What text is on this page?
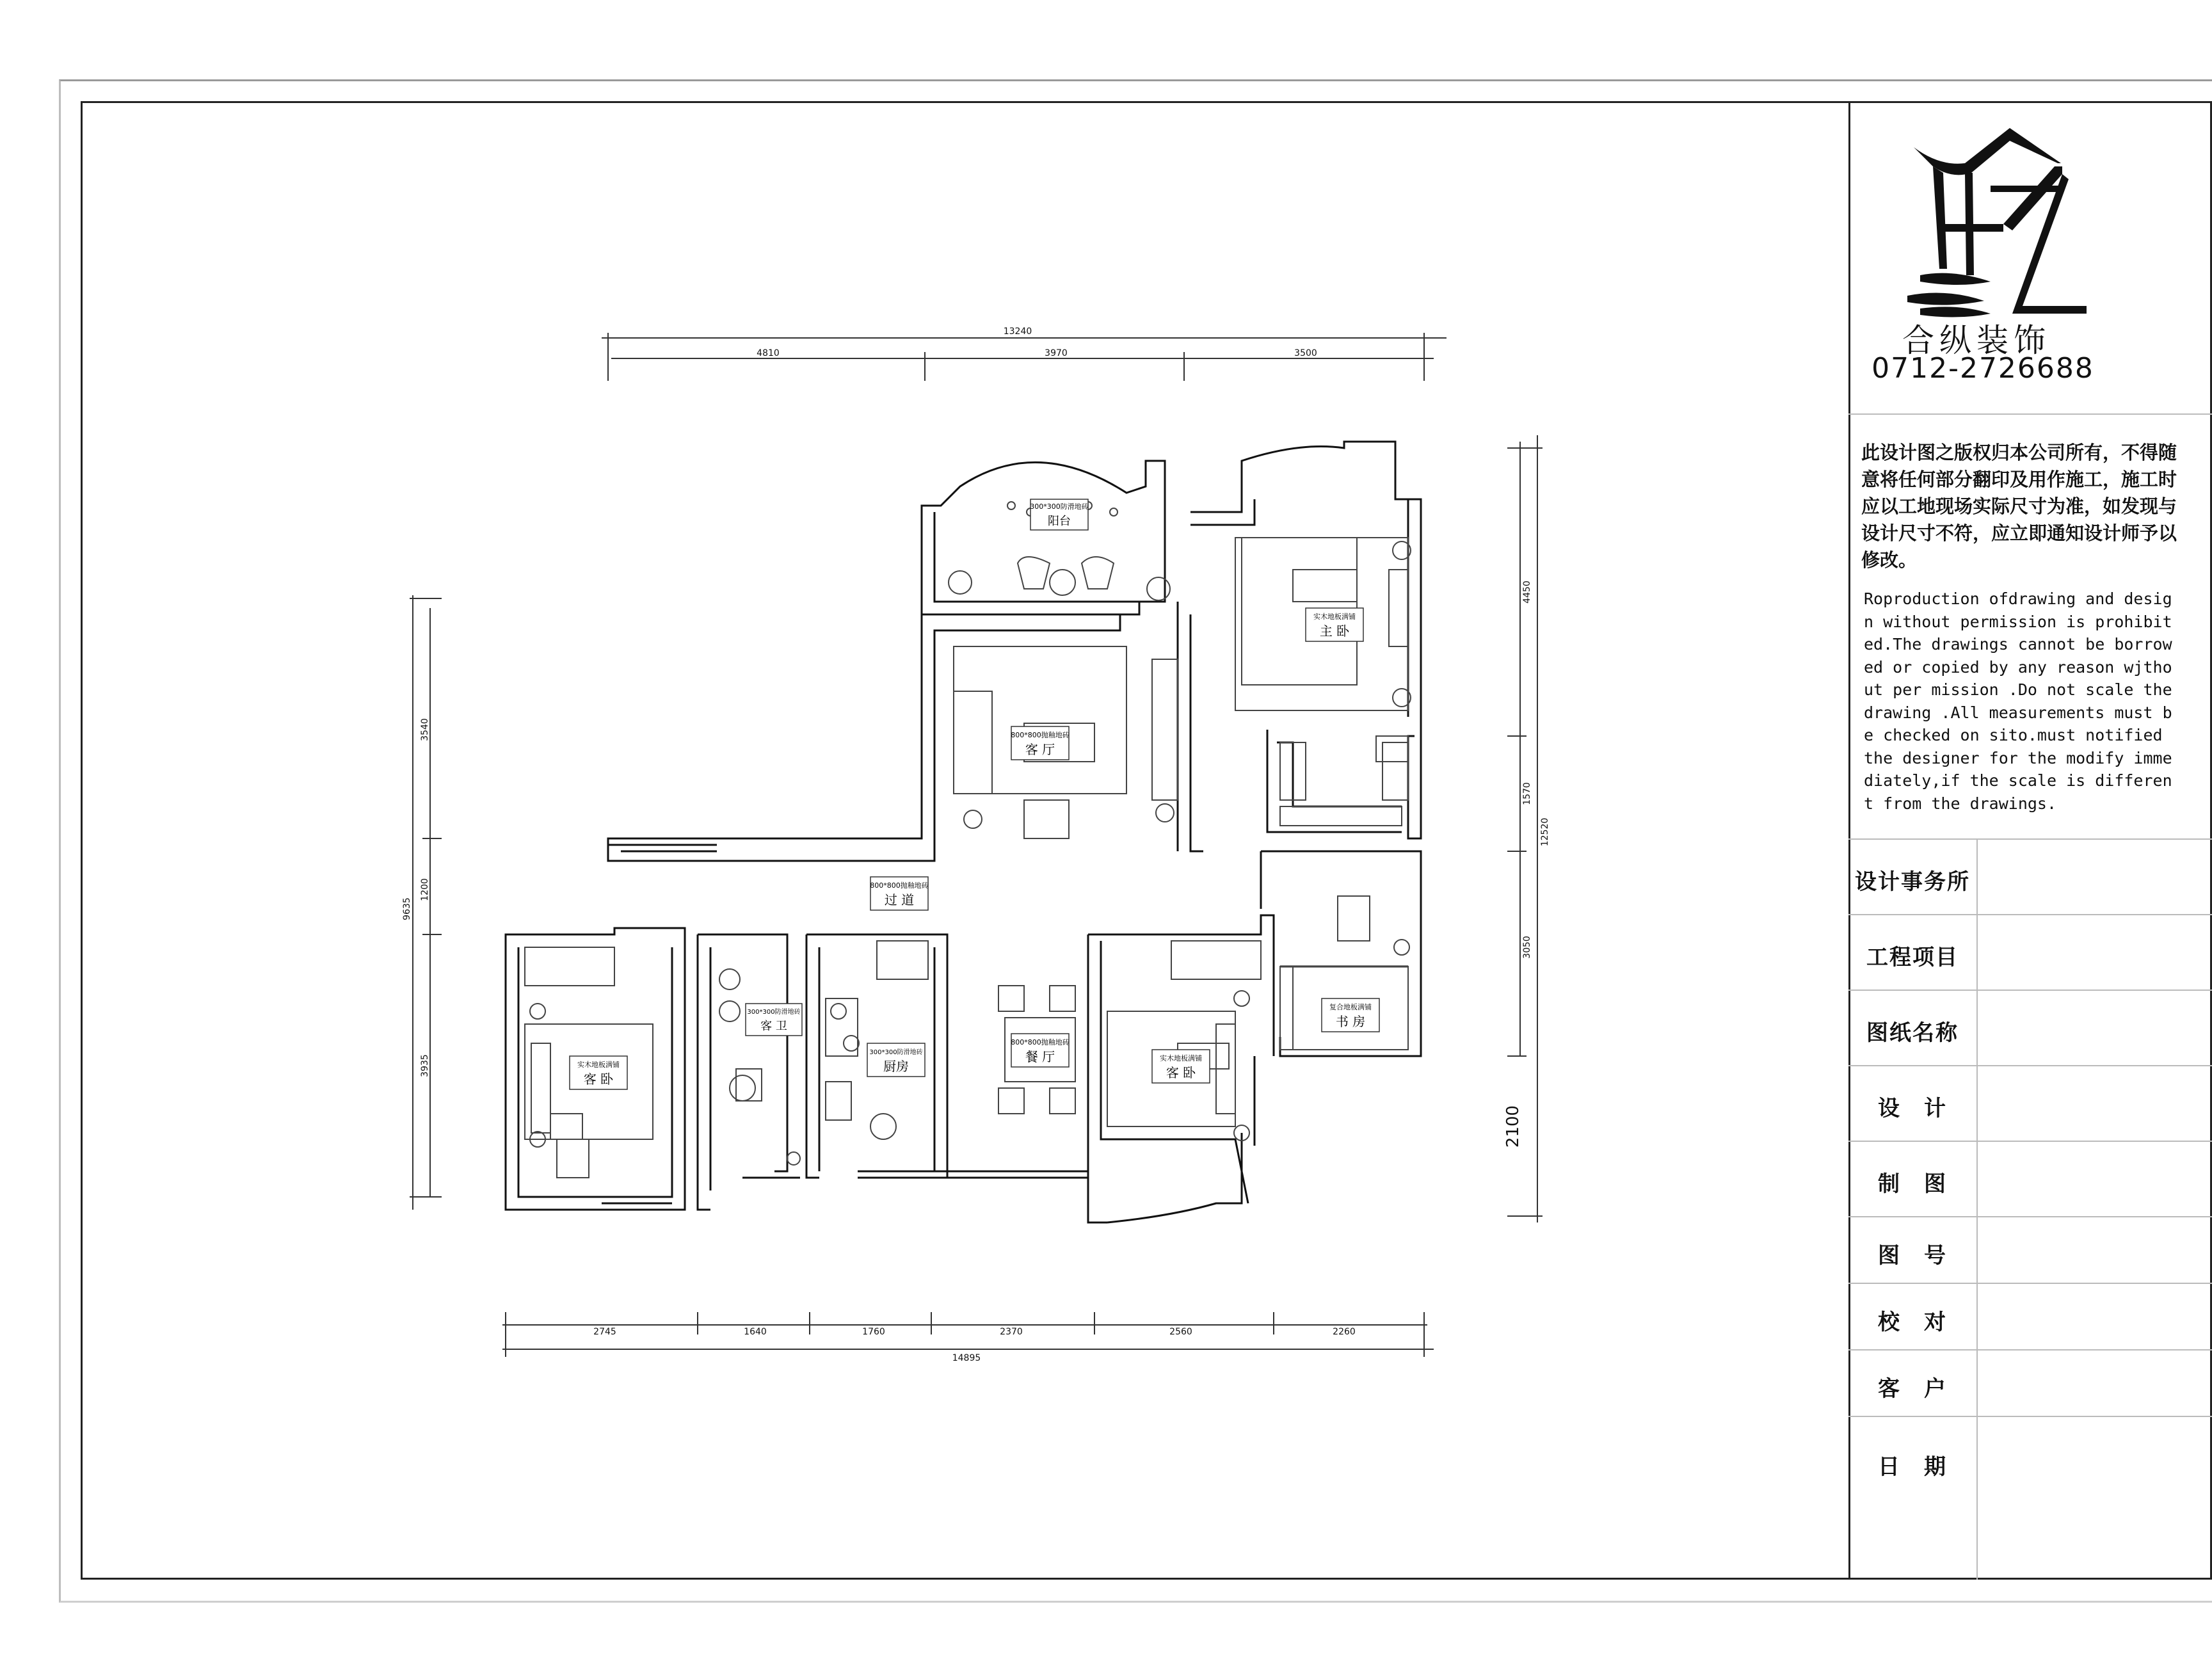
合纵装饰
0712-2726688
此设计图之版权归本公司所有，不得随意将任何部分翻印及用作施工，施工时应以工地现场实际尺寸为准，如发现与设计尺寸不符，应立即通知设计师予以修改。
Roproduction ofdrawing and design without permission is prohibited.The drawings cannot be borrowed or copied by any reason wjthout per mission .Do not scale the drawing .All measurements must be checked on sito.must notified the designer for the modify immediately,if the scale is different from the drawings.
设计事务所
工程项目
图纸名称
设　计
制　图
图　号
校　对
客　户
日　期
300*300防滑地砖
阳台
800*800抛釉地砖
客 厅
实木地板满铺
主 卧
800*800抛釉地砖
过 道
实木地板满铺
客 卧
300*300防滑地砖
客 卫
300*300防滑地砖
厨房
800*800抛釉地砖
餐 厅	实木地板满铺
客 卧
复合地板满铺
书 房
13240
4810	3970	3500
2745	1640	1760	2370	2560	2260
14895
9635
3540
1200
3935
4450
1570
3050
12520
2100
